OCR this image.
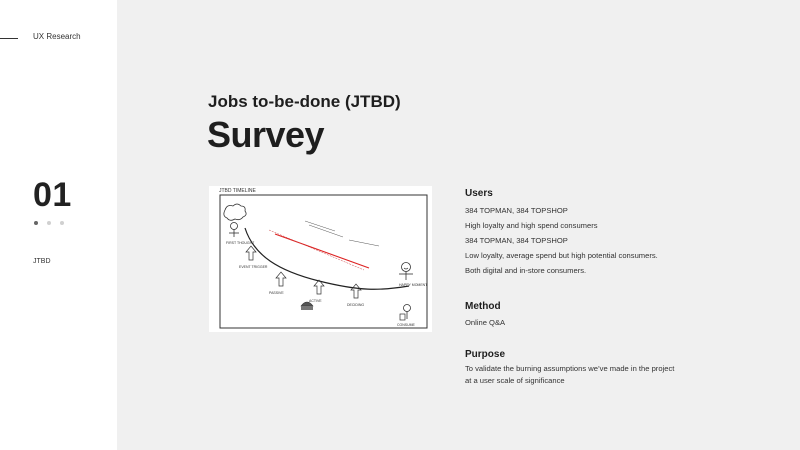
UX Research
01
JTBD
Jobs to-be-done (JTBD)
Survey
JTBD TIMELINE
FIRST THOUGHT
EVENT TRIGGER
PASSIVE
ACTIVE
DECIDING
HAPPY MOMENT
CONSUME
Users
384 TOPMAN, 384 TOPSHOP
High loyalty and high spend consumers
384 TOPMAN, 384 TOPSHOP
Low loyalty, average spend but high potential consumers.
Both digital and in-store consumers.
Method
Online Q&A
Purpose
To validate the burning assumptions we’ve made in the project
at a user scale of significance
